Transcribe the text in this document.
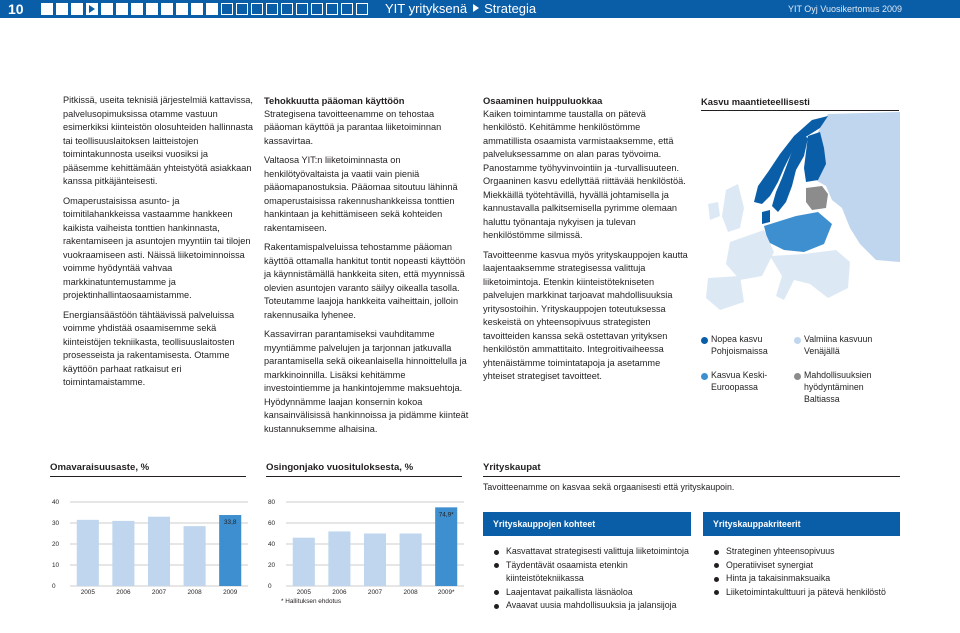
10	YIT yrityksenä Strategia	YIT Oyj Vuosikertomus 2009

Pitkissä, useita teknisiä järjestelmiä kattavissa, palvelusopimuksissa otamme vastuun esimerkiksi kiinteistön olosuhteiden hallinnasta tai teollisuuslaitoksen laitteistojen toimintakunnosta useiksi vuosiksi ja pääsemme kehittämään yhteistyötä asiakkaan kanssa pitkäjänteisesti.

Omaperustaisissa asunto- ja toimitilahankkeissa vastaamme hankkeen kaikista vaiheista tonttien hankinnasta, rakentamiseen ja asuntojen myyntiin tai tilojen vuokraamiseen asti. Näissä liiketoiminnoissa voimme hyödyntää vahvaa markkinatuntemustamme ja projektinhallintaosaamistamme.

Energiansäästöön tähtäävissä palveluissa voimme yhdistää osaamisemme sekä kiinteistöjen tekniikasta, teollisuuslaitosten prosesseista ja rakentamisesta. Otamme käyttöön parhaat ratkaisut eri toimintamaistamme.

Tehokkuutta pääoman käyttöön

Strategisena tavoitteenamme on tehostaa pääoman käyttöä ja parantaa liiketoiminnan kassavirtaa.

Valtaosa YIT:n liiketoiminnasta on henkilötyövaltaista ja vaatii vain pieniä pääomapanostuksia. Pääomaa sitoutuu lähinnä omaperustaisissa rakennushankkeissa tonttien hankintaan ja kehittämiseen sekä kohteiden rakentamiseen.

Rakentamispalveluissa tehostamme pääoman käyttöä ottamalla hankitut tontit nopeasti käyttöön ja käynnistämällä hankkeita siten, että myynnissä olevien asuntojen varanto säilyy oikealla tasolla. Toteutamme laajoja hankkeita vaiheittain, jolloin rakennusaika lyhenee.

Kassavirran parantamiseksi vauhditamme myyntiämme palvelujen ja tarjonnan jatkuvalla parantamisella sekä oikeanlaisella hinnoittelulla ja markkinoinnilla. Lisäksi kehitämme investointiemme ja hankintojemme maksuehtoja. Hyödynnämme laajan konsernin kokoa kansainvälisissä hankinnoissa ja pidämme kiinteät kustannuksemme alhaisina.

Osaaminen huippuluokkaa

Kaiken toimintamme taustalla on pätevä henkilöstö. Kehitämme henkilöstömme ammatillista osaamista varmistaaksemme, että palveluksessamme on alan paras työvoima. Panostamme työhyvinvointiin ja -turvallisuuteen. Orgaaninen kasvu edellyttää riittävää henkilöstöä. Miekkäillä työtehtävillä, hyvällä johtamisella ja kannustavalla palkitsemisella pyrimme olemaan haluttu työnantaja nykyisen ja tulevan henkilöstömme silmissä.

Tavoitteenme kasvua myös yrityskauppojen kautta laajentaaksemme strategisessa valittuja liiketoimintoja. Etenkin kiinteistötekniseten palvelujen markkinat tarjoavat mahdollisuuksia yritysostoihin. Yrityskauppojen toteutuksessa keskeistä on yhteensopivuus strategisten tavoitteiden kanssa sekä ostettavan yrityksen henkilöstön ammattitaito. Integroitivaiheessa yhtenäistämme toimintatapoja ja asetamme yhteiset strategiset tavoitteet.

Kasvu maantieteellisesti
Nopea kasvu Pohjoismaissa
Valmiina kasvuun Venäjällä
Kasvua Keski-Euroopassa
Mahdollisuuksien hyödyntäminen Baltiassa
Omavaraisuusaste, %
0
10
20
30
40
2005	2006	2007	2008	2009
33,8
Osingonjako vuosituloksesta, %
0
20
40
60
80
2005	2006	2007	2008	2009*
74,9*
* Hallituksen ehdotus
Yrityskaupat
Tavoitteenamme on kasvaa sekä orgaanisesti että yrityskaupoin.
Yrityskauppojen kohteet	Yrityskauppakriteerit
Kasvattavat strategisesti valittuja liiketoimintoja
Täydentävät osaamista etenkin kiinteistötekniikassa
Laajentavat paikallista läsnäoloa
Avaavat uusia mahdollisuuksia ja jalansijoja
Strateginen yhteensopivuus
Operatiiviset synergiat
Hinta ja takaisinmaksuaika
Liiketoimintakulttuuri ja pätevä henkilöstö
